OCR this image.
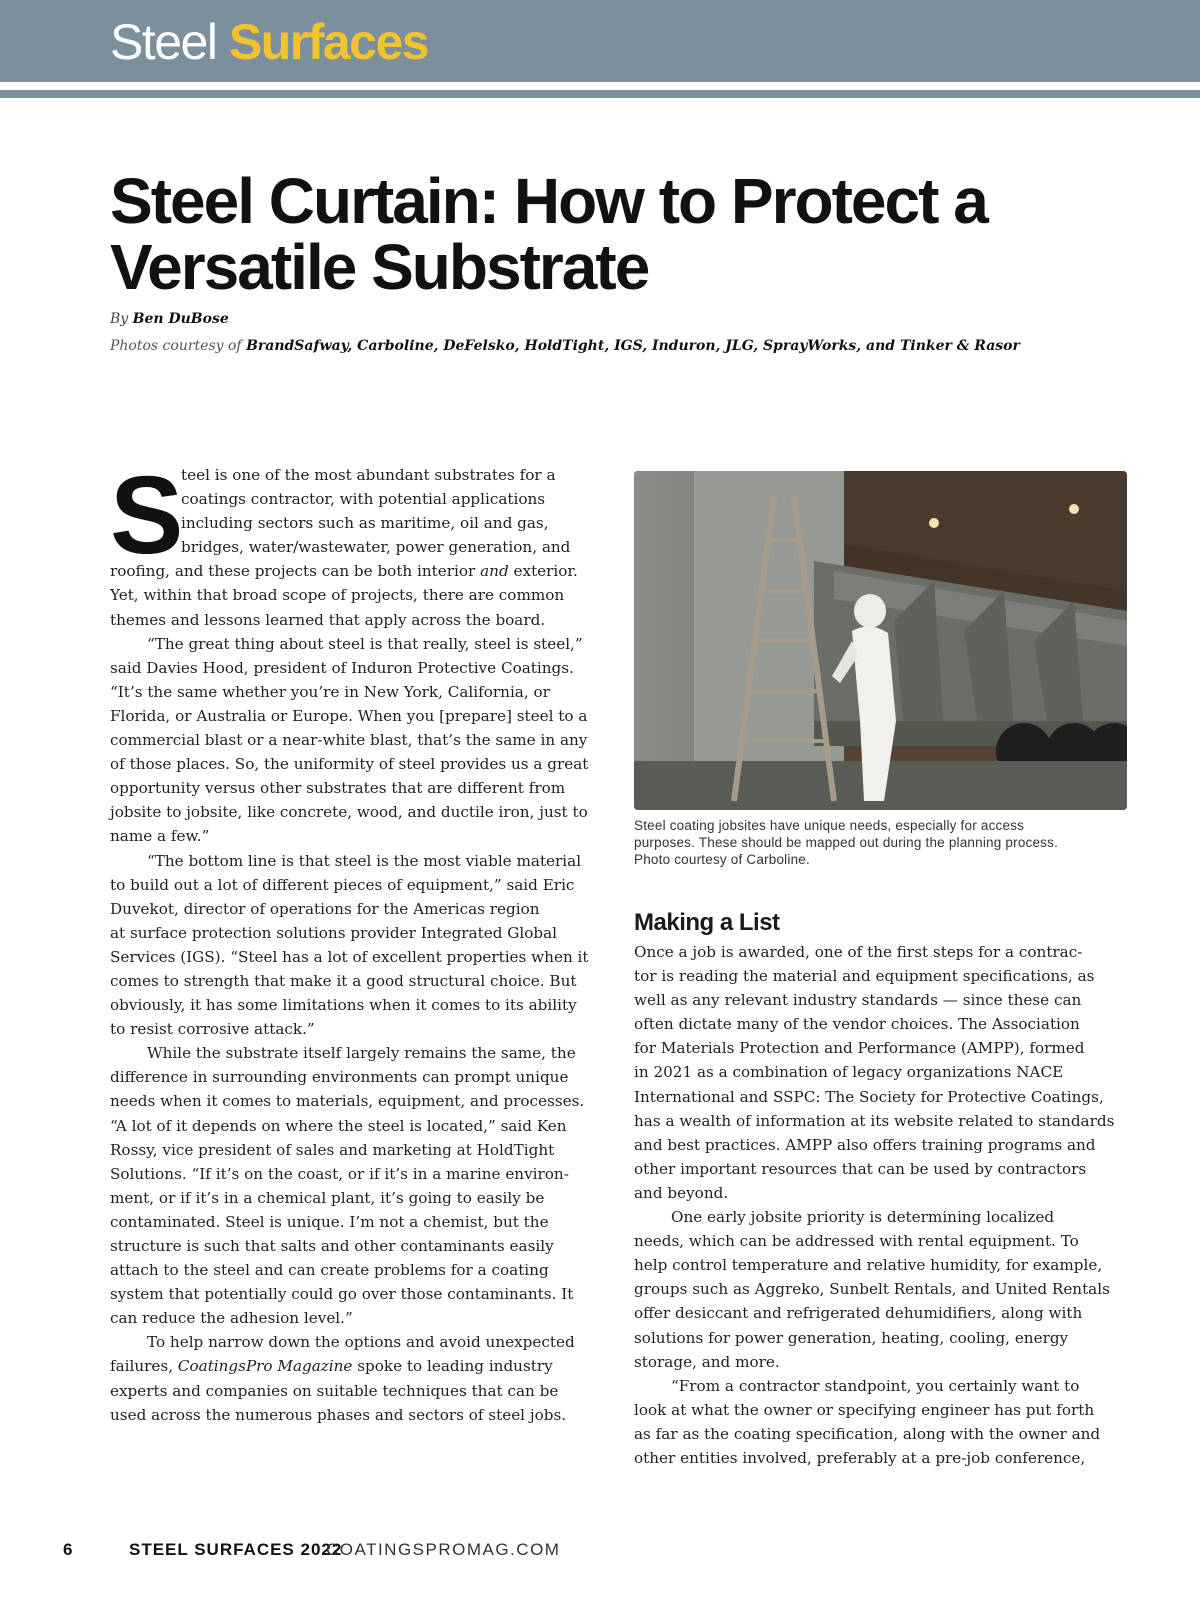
Steel Surfaces
Steel Curtain: How to Protect a
Versatile Substrate
By Ben DuBose
Photos courtesy of BrandSafway, Carboline, DeFelsko, HoldTight, IGS, Induron, JLG, SprayWorks, and Tinker & Rasor
S
teel is one of the most abundant substrates for a
coatings contractor, with potential applications
including sectors such as maritime, oil and gas,
bridges, water/wastewater, power generation, and
roofing, and these projects can be both interior and exterior.
Yet, within that broad scope of projects, there are common
themes and lessons learned that apply across the board.
“The great thing about steel is that really, steel is steel,”
said Davies Hood, president of Induron Protective Coatings.
“It’s the same whether you’re in New York, California, or
Florida, or Australia or Europe. When you [prepare] steel to a
commercial blast or a near-white blast, that’s the same in any
of those places. So, the uniformity of steel provides us a great
opportunity versus other substrates that are different from
jobsite to jobsite, like concrete, wood, and ductile iron, just to
name a few.”
“The bottom line is that steel is the most viable material
to build out a lot of different pieces of equipment,” said Eric
Duvekot, director of operations for the Americas region
at surface protection solutions provider Integrated Global
Services (IGS). “Steel has a lot of excellent properties when it
comes to strength that make it a good structural choice. But
obviously, it has some limitations when it comes to its ability
to resist corrosive attack.”
While the substrate itself largely remains the same, the
difference in surrounding environments can prompt unique
needs when it comes to materials, equipment, and processes.
“A lot of it depends on where the steel is located,” said Ken
Rossy, vice president of sales and marketing at HoldTight
Solutions. “If it’s on the coast, or if it’s in a marine environ-
ment, or if it’s in a chemical plant, it’s going to easily be
contaminated. Steel is unique. I’m not a chemist, but the
structure is such that salts and other contaminants easily
attach to the steel and can create problems for a coating
system that potentially could go over those contaminants. It
can reduce the adhesion level.”
To help narrow down the options and avoid unexpected
failures, CoatingsPro Magazine spoke to leading industry
experts and companies on suitable techniques that can be
used across the numerous phases and sectors of steel jobs.
Steel coating jobsites have unique needs, especially for access
purposes. These should be mapped out during the planning process.
Photo courtesy of Carboline.
Making a List
Once a job is awarded, one of the first steps for a contrac-
tor is reading the material and equipment specifications, as
well as any relevant industry standards — since these can
often dictate many of the vendor choices. The Association
for Materials Protection and Performance (AMPP), formed
in 2021 as a combination of legacy organizations NACE
International and SSPC: The Society for Protective Coatings,
has a wealth of information at its website related to standards
and best practices. AMPP also offers training programs and
other important resources that can be used by contractors
and beyond.
One early jobsite priority is determining localized
needs, which can be addressed with rental equipment. To
help control temperature and relative humidity, for example,
groups such as Aggreko, Sunbelt Rentals, and United Rentals
offer desiccant and refrigerated dehumidifiers, along with
solutions for power generation, heating, cooling, energy
storage, and more.
“From a contractor standpoint, you certainly want to
look at what the owner or specifying engineer has put forth
as far as the coating specification, along with the owner and
other entities involved, preferably at a pre-job conference,
6	STEEL SURFACES 2022
COATINGSPROMAG.COM
